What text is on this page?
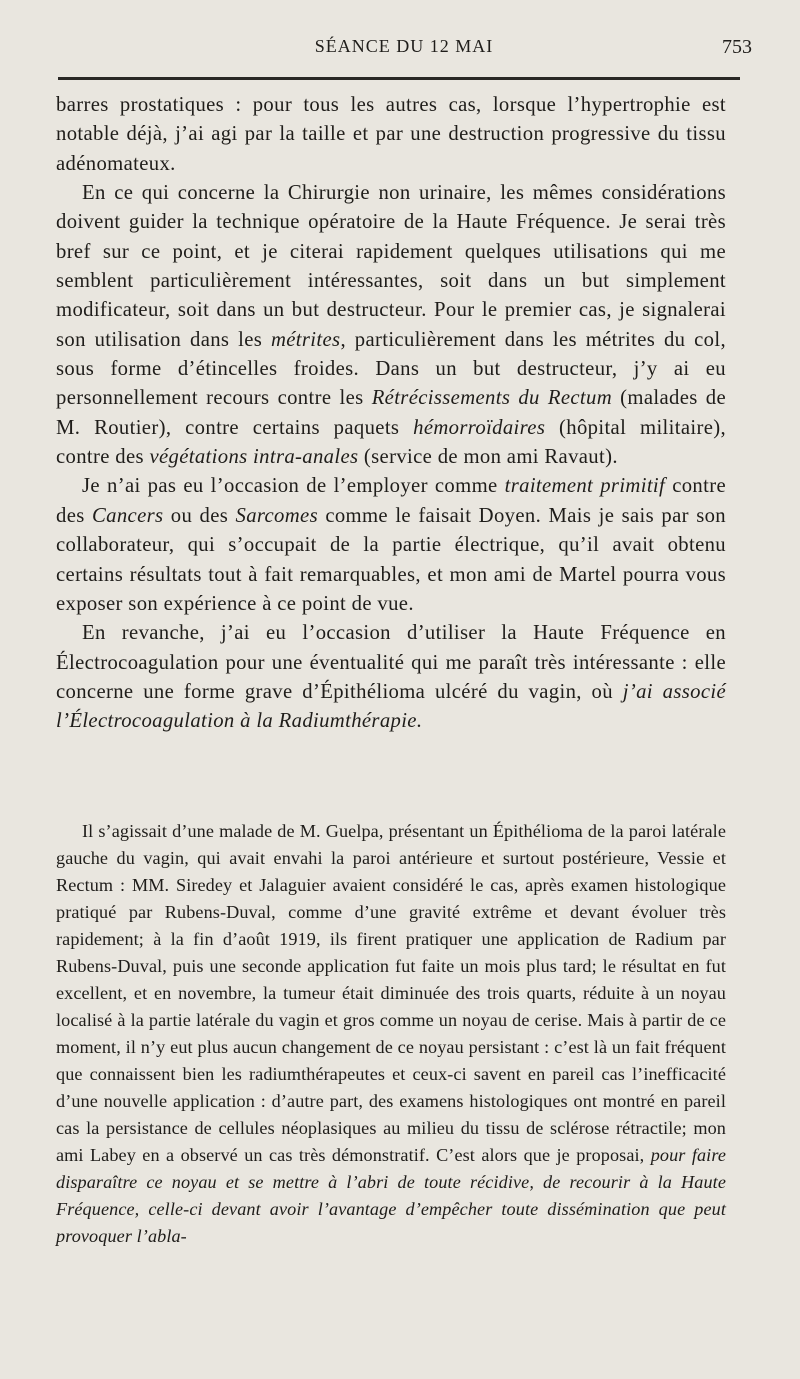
SÉANCE DU 12 MAI	753

barres prostatiques : pour tous les autres cas, lorsque l’hypertrophie est notable déjà, j’ai agi par la taille et par une destruction progressive du tissu adénomateux.

En ce qui concerne la Chirurgie non urinaire, les mêmes considérations doivent guider la technique opératoire de la Haute Fréquence. Je serai très bref sur ce point, et je citerai rapidement quelques utilisations qui me semblent particulièrement intéressantes, soit dans un but simplement modificateur, soit dans un but destructeur. Pour le premier cas, je signalerai son utilisation dans les métrites, particulièrement dans les métrites du col, sous forme d’étincelles froides. Dans un but destructeur, j’y ai eu personnellement recours contre les Rétrécissements du Rectum (malades de M. Routier), contre certains paquets hémorroïdaires (hôpital militaire), contre des végétations intra-anales (service de mon ami Ravaut).

Je n’ai pas eu l’occasion de l’employer comme traitement primitif contre des Cancers ou des Sarcomes comme le faisait Doyen. Mais je sais par son collaborateur, qui s’occupait de la partie électrique, qu’il avait obtenu certains résultats tout à fait remarquables, et mon ami de Martel pourra vous exposer son expérience à ce point de vue.

En revanche, j’ai eu l’occasion d’utiliser la Haute Fréquence en Électrocoagulation pour une éventualité qui me paraît très intéressante : elle concerne une forme grave d’Épithélioma ulcéré du vagin, où j’ai associé l’Électrocoagulation à la Radiumthérapie.

Il s’agissait d’une malade de M. Guelpa, présentant un Épithélioma de la paroi latérale gauche du vagin, qui avait envahi la paroi antérieure et surtout postérieure, Vessie et Rectum : MM. Siredey et Jalaguier avaient considéré le cas, après examen histologique pratiqué par Rubens-Duval, comme d’une gravité extrême et devant évoluer très rapidement; à la fin d’août 1919, ils firent pratiquer une application de Radium par Rubens-Duval, puis une seconde application fut faite un mois plus tard; le résultat en fut excellent, et en novembre, la tumeur était diminuée des trois quarts, réduite à un noyau localisé à la partie latérale du vagin et gros comme un noyau de cerise. Mais à partir de ce moment, il n’y eut plus aucun changement de ce noyau persistant : c’est là un fait fréquent que connaissent bien les radiumthérapeutes et ceux-ci savent en pareil cas l’inefficacité d’une nouvelle application : d’autre part, des examens histologiques ont montré en pareil cas la persistance de cellules néoplasiques au milieu du tissu de sclérose rétractile; mon ami Labey en a observé un cas très démonstratif. C’est alors que je proposai, pour faire disparaître ce noyau et se mettre à l’abri de toute récidive, de recourir à la Haute Fréquence, celle-ci devant avoir l’avantage d’empêcher toute dissémination que peut provoquer l’abla-
